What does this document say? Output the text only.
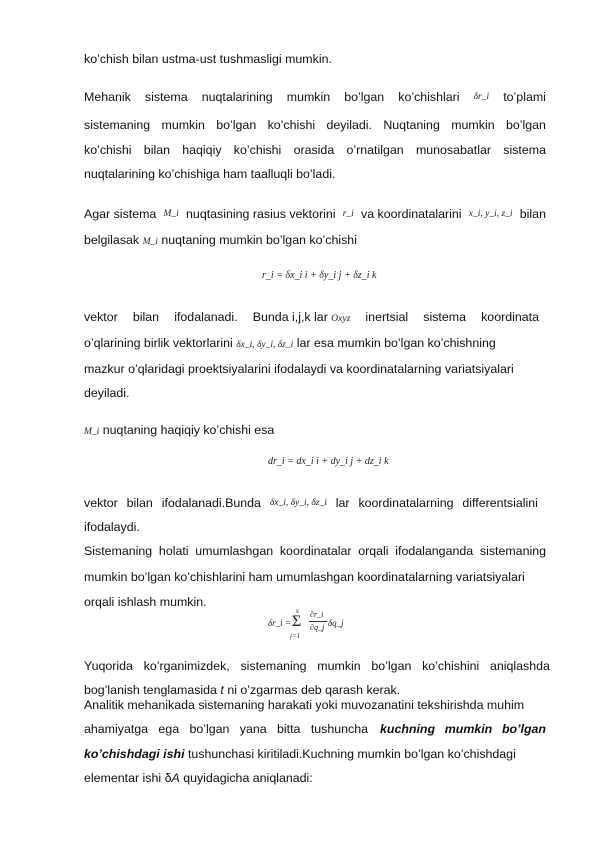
ko’chish bilan ustma-ust tushmasligi mumkin.
Mehanik sistema nuqtalarining mumkin bo’lgan ko’chishlari δr_i to’plami
sistemaning mumkin bo’lgan ko’chishi deyiladi. Nuqtaning mumkin bo’lgan
ko’chishi bilan haqiqiy ko’chishi orasida o’rnatilgan munosabatlar sistema
nuqtalarining ko’chishiga ham taalluqli bo’ladi.
Agar sistema M_i nuqtasining rasius vektorini r_i va koordinatalarini x_i, y_i, z_i bilan
belgilasak M_i nuqtaning mumkin bo’lgan ko’chishi
r_i = δx_i i + δy_i j + δz_i k
vektor bilan ifodalanadi. Bunda i,j,k lar Oxyz inertsial sistema koordinata
o’qlarining birlik vektorlarini δx_i, δy_i, δz_i lar esa mumkin bo’lgan ko’chishning
mazkur o’qlaridagi proektsiyalarini ifodalaydi va koordinatalarning variatsiyalari
deyiladi.
M_i nuqtaning haqiqiy ko’chishi esa
dr_i = dx_i i + dy_i j + dz_i k
vektor bilan ifodalanadi.Bunda δx_i, δy_i, δz_i lar koordinatalarning differentsialini
ifodalaydi.
Sistemaning holati umumlashgan koordinatalar orqali ifodalanganda sistemaning
mumkin bo’lgan ko’chishlarini ham umumlashgan koordinatalarning variatsiyalari
orqali ishlash mumkin.
δr_i =
s
Σ
j=1
∂r_i
∂q_j δq_j
Yuqorida ko’rganimizdek, sistemaning mumkin bo’lgan ko’chishini aniqlashda
bog’lanish tenglamasida t ni o’zgarmas deb qarash kerak.
Analitik mehanikada sistemaning harakati yoki muvozanatini tekshirishda muhim
ahamiyatga ega bo’lgan yana bitta tushuncha kuchning mumkin bo’lgan
ko’chishdagi ishi tushunchasi kiritiladi.Kuchning mumkin bo’lgan ko’chishdagi
elementar ishi δA quyidagicha aniqlanadi:
